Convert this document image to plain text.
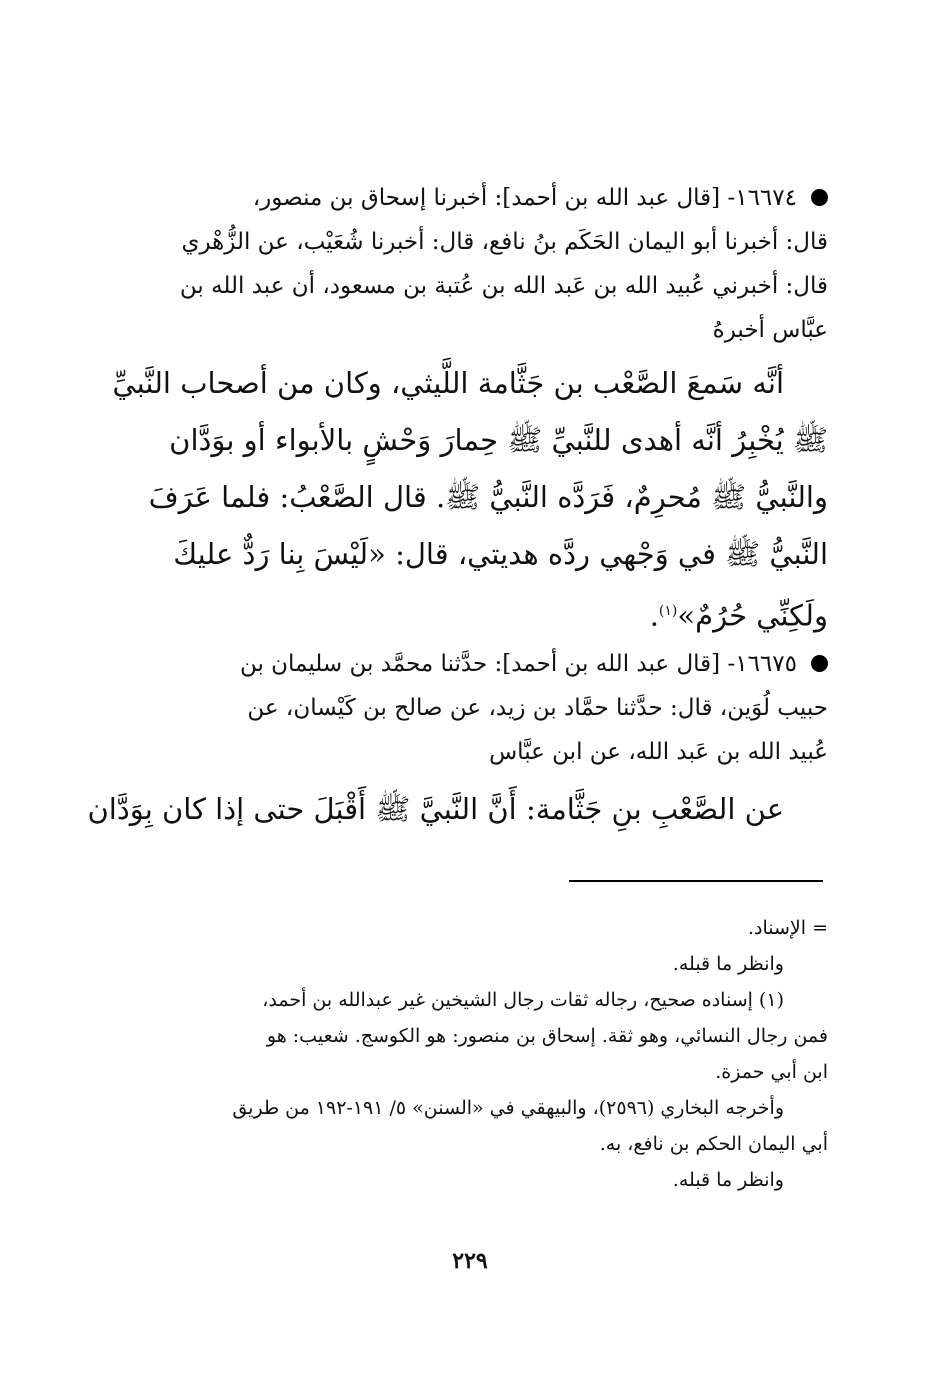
١٦٦٧٤- [قال عبد الله بن أحمد]: أخبرنا إسحاق بن منصور،
قال: أخبرنا أبو اليمان الحَكَم بنُ نافع، قال: أخبرنا شُعَيْب، عن الزُّهْري
قال: أخبرني عُبيد الله بن عَبد الله بن عُتبة بن مسعود، أن عبد الله بن
عبَّاس أخبرهُ
أنَّه سَمعَ الصَّعْب بن جَثَّامة اللَّيثي، وكان من أصحاب النَّبيِّ
ﷺ يُخْبِرُ أنَّه أهدى للنَّبيِّ ﷺ حِمارَ وَحْشٍ بالأبواء أو بوَدَّان
والنَّبيُّ ﷺ مُحرِمٌ، فَرَدَّه النَّبيُّ ﷺ. قال الصَّعْبُ: فلما عَرَفَ
النَّبيُّ ﷺ في وَجْهي ردَّه هديتي، قال: «لَيْسَ بِنا رَدٌّ عليكَ
ولَكِنِّي حُرُمٌ»$^{(١)}$.
١٦٦٧٥- [قال عبد الله بن أحمد]: حدَّثنا محمَّد بن سليمان بن
حبيب لُوَين، قال: حدَّثنا حمَّاد بن زيد، عن صالح بن كَيْسان، عن
عُبيد الله بن عَبد الله، عن ابن عبَّاس
عن الصَّعْبِ بنِ جَثَّامة: أَنَّ النَّبيَّ ﷺ أَقْبَلَ حتى إذا كان بِوَدَّان
= الإسناد.
وانظر ما قبله.
(١) إسناده صحيح، رجاله ثقات رجال الشيخين غير عبدالله بن أحمد،
فمن رجال النسائي، وهو ثقة. إسحاق بن منصور: هو الكوسج. شعيب: هو
ابن أبي حمزة.
وأخرجه البخاري (٢٥٩٦)، والبيهقي في «السنن» ٥/ ١٩١-١٩٢ من طريق
أبي اليمان الحكم بن نافع، به.
وانظر ما قبله.
٢٢٩
